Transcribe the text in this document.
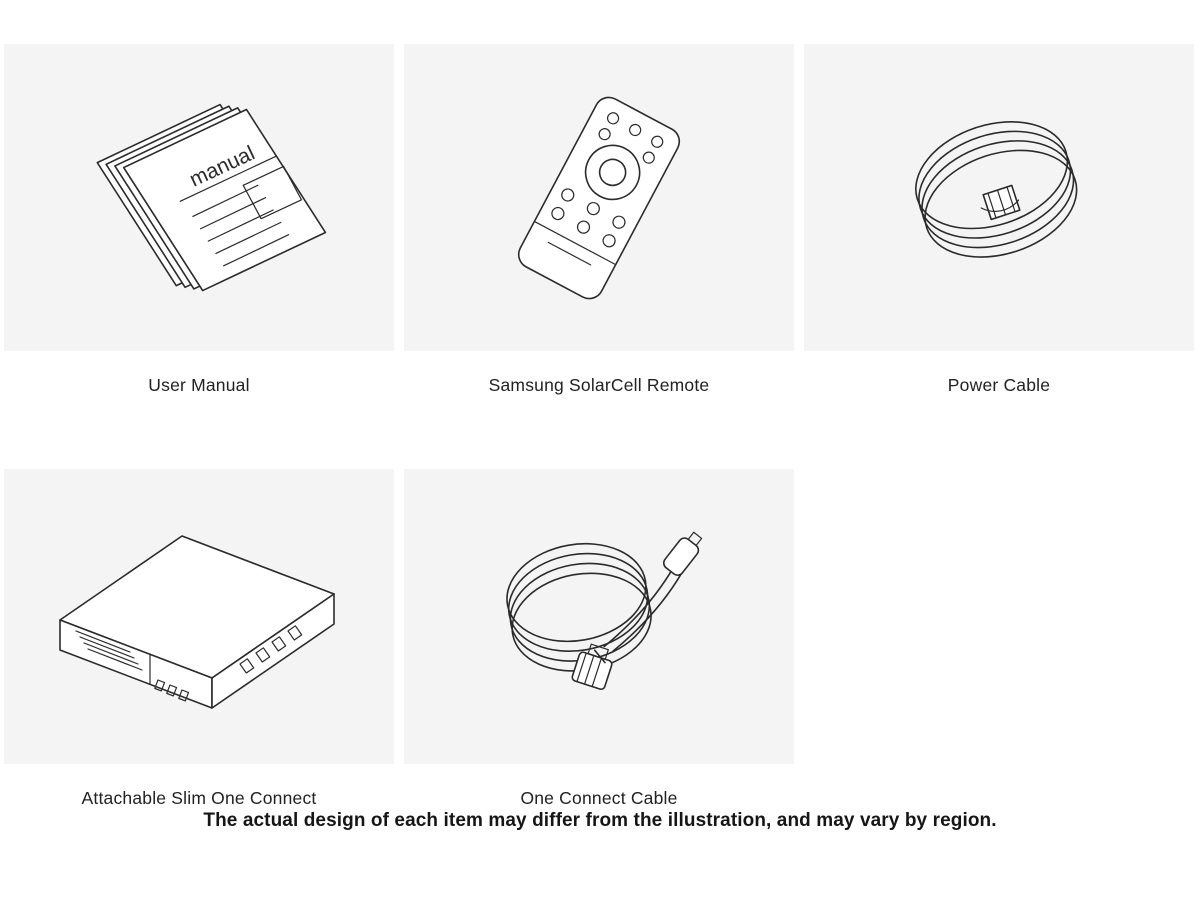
manual
User Manual	Samsung SolarCell Remote	Power Cable
Attachable Slim One Connect	One Connect Cable
The actual design of each item may differ from the illustration, and may vary by region.
